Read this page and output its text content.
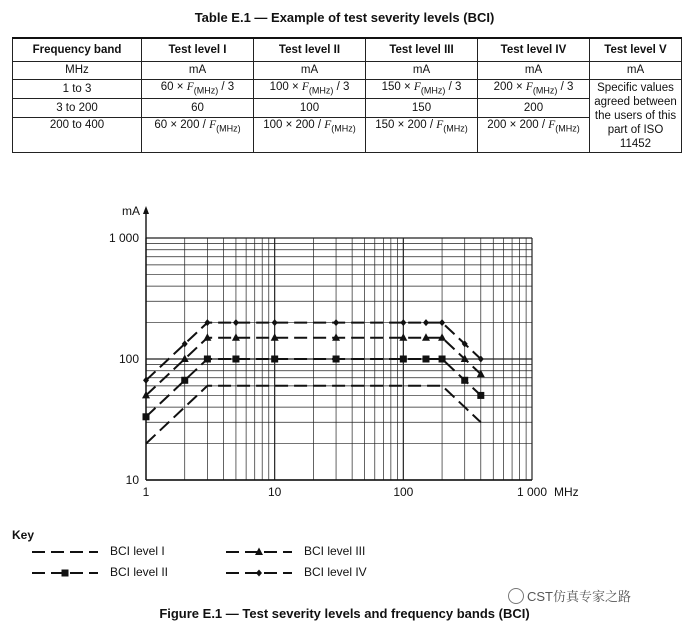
Table E.1 — Example of test severity levels (BCI)
Frequency band	Test level I	Test level II	Test level III	Test level IV	Test level V
MHz	mA	mA	mA	mA	mA
1 to 3	$60 \times F_{(MHz)} / 3$	$100 \times F_{(MHz)} / 3$	$150 \times F_{(MHz)} / 3$	$200 \times F_{(MHz)} / 3$	Specific values agreed between the users of this part of ISO 11452
3 to 200	60	100	150	200	
200 to 400	$60 \times 200 / F_{(MHz)}$	$100 \times 200 / F_{(MHz)}$	$150 \times 200 / F_{(MHz)}$	$200 \times 200 / F_{(MHz)}$
mA
10
100
1 000
1	10	100	1 000 MHz
Key
BCI level I
BCI level II
BCI level III
BCI level IV
Figure E.1 — Test severity levels and frequency bands (BCI)
CST仿真专家之路
